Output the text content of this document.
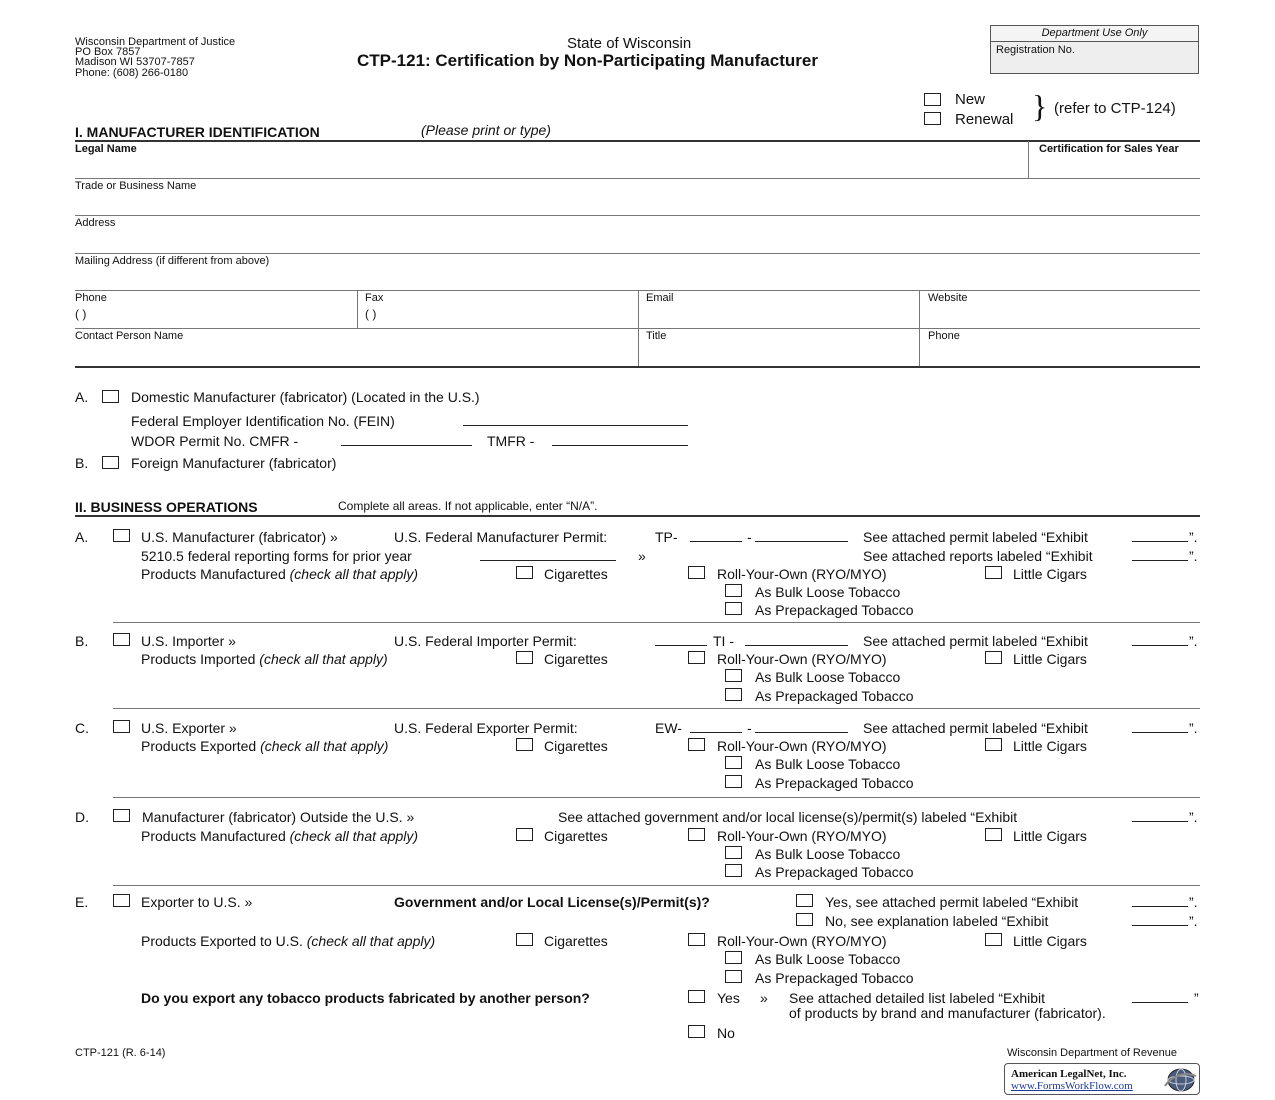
Wisconsin Department of Justice
PO Box 7857
Madison WI 53707-7857
Phone: (608) 266-0180
State of Wisconsin
CTP-121: Certification by Non-Participating Manufacturer
Department Use Only
Registration No.
New
Renewal } (refer to CTP-124)
I. MANUFACTURER IDENTIFICATION	(Please print or type)
Legal Name	Certification for Sales Year
Trade or Business Name
Address
Mailing Address (if different from above)
Phone
( )
Fax
( )
Email	Website
Contact Person Name	Title	Phone
A.	Domestic Manufacturer (fabricator) (Located in the U.S.)
Federal Employer Identification No. (FEIN)
WDOR Permit No. CMFR -	TMFR -
B.	Foreign Manufacturer (fabricator)
II. BUSINESS OPERATIONS	Complete all areas. If not applicable, enter “N/A”.
A.	U.S. Manufacturer (fabricator) »	U.S. Federal Manufacturer Permit:	TP-	-	See attached permit labeled “Exhibit	”.
5210.5 federal reporting forms for prior year	»	See attached reports labeled “Exhibit	”.
Products Manufactured (check all that apply)	Cigarettes	Roll-Your-Own (RYO/MYO)	Little Cigars
As Bulk Loose Tobacco
As Prepackaged Tobacco
B.	U.S. Importer »	U.S. Federal Importer Permit:	TI -	See attached permit labeled “Exhibit	”.
Products Imported (check all that apply)	Cigarettes	Roll-Your-Own (RYO/MYO)	Little Cigars
As Bulk Loose Tobacco
As Prepackaged Tobacco
C.	U.S. Exporter »	U.S. Federal Exporter Permit:	EW-	-	See attached permit labeled “Exhibit	”.
Products Exported (check all that apply)	Cigarettes	Roll-Your-Own (RYO/MYO)	Little Cigars
As Bulk Loose Tobacco
As Prepackaged Tobacco
D.	Manufacturer (fabricator) Outside the U.S. »	See attached government and/or local license(s)/permit(s) labeled “Exhibit	”.
Products Manufactured (check all that apply)	Cigarettes	Roll-Your-Own (RYO/MYO)	Little Cigars
As Bulk Loose Tobacco
As Prepackaged Tobacco
E.	Exporter to U.S. »	Government and/or Local License(s)/Permit(s)?	Yes, see attached permit labeled “Exhibit	”.
No, see explanation labeled “Exhibit	”.
Products Exported to U.S. (check all that apply)	Cigarettes	Roll-Your-Own (RYO/MYO)	Little Cigars
As Bulk Loose Tobacco
As Prepackaged Tobacco
Do you export any tobacco products fabricated by another person?	Yes » See attached detailed list labeled “Exhibit	”
of products by brand and manufacturer (fabricator).
No
CTP-121 (R. 6-14)	Wisconsin Department of Revenue
American LegalNet, Inc.
www.FormsWorkFlow.com
